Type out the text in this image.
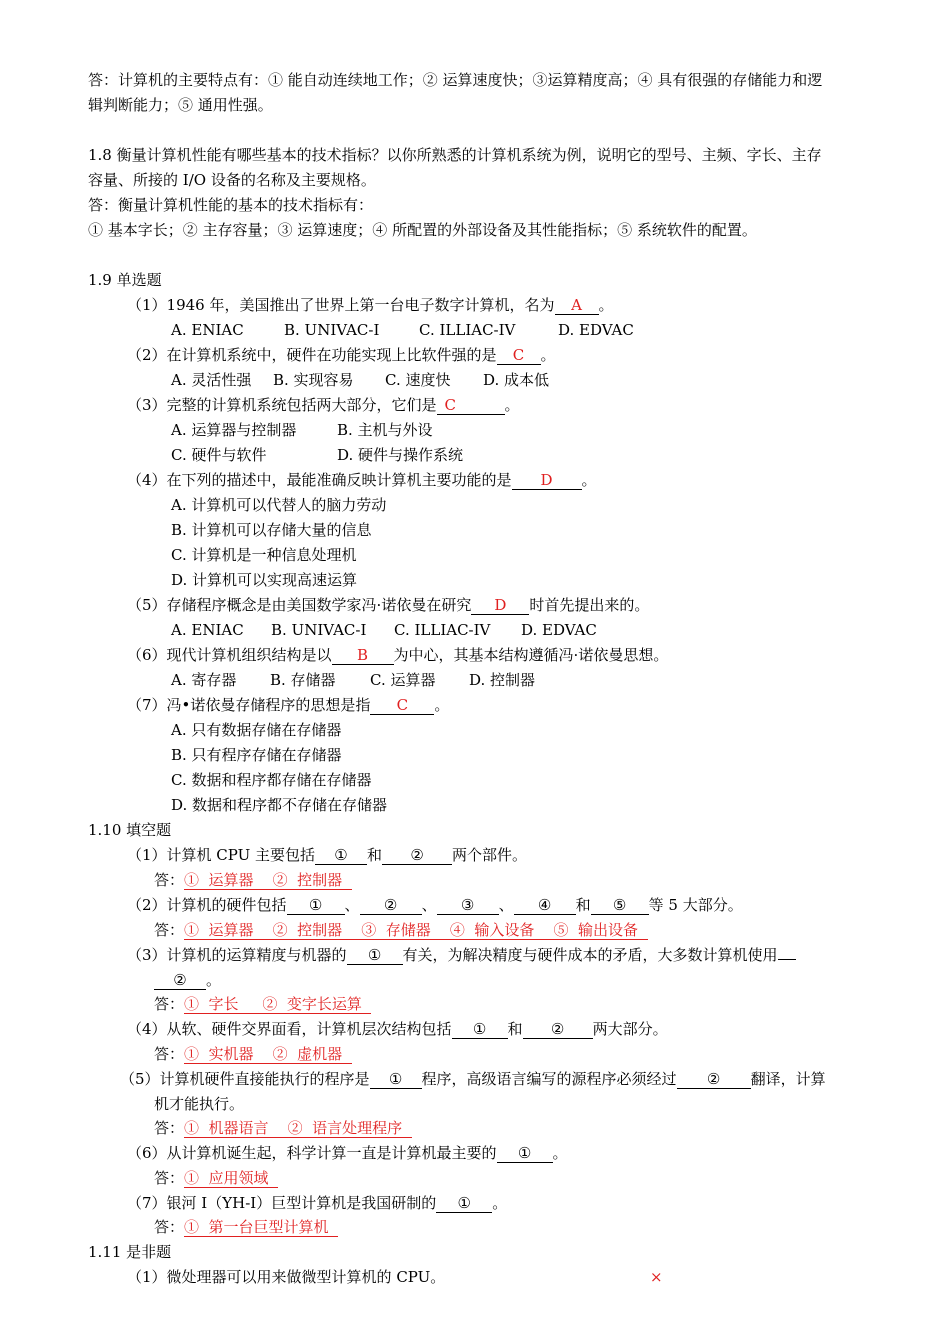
答：计算机的主要特点有：① 能自动连续地工作；② 运算速度快；③运算精度高；④ 具有很强的存储能力和逻
辑判断能力；⑤ 通用性强。
1.8 衡量计算机性能有哪些基本的技术指标？以你所熟悉的计算机系统为例，说明它的型号、主频、字长、主存
容量、所接的 I/O 设备的名称及主要规格。
答：衡量计算机性能的基本的技术指标有：
① 基本字长；② 主存容量；③ 运算速度；④ 所配置的外部设备及其性能指标；⑤ 系统软件的配置。
1.9 单选题
（1）1946 年，美国推出了世界上第一台电子数字计算机，名为 A 。
A. ENIAC	B. UNIVAC-I	C. ILLIAC-IV	D. EDVAC
（2）在计算机系统中，硬件在功能实现上比软件强的是 C 。
A. 灵活性强 B. 实现容易 C. 速度快 D. 成本低
（3）完整的计算机系统包括两大部分，它们是 C	。
A. 运算器与控制器	B. 主机与外设
C. 硬件与软件	D. 硬件与操作系统
（4）在下列的描述中，最能准确反映计算机主要功能的是 D 。
A. 计算机可以代替人的脑力劳动
B. 计算机可以存储大量的信息
C. 计算机是一种信息处理机
D. 计算机可以实现高速运算
（5）存储程序概念是由美国数学家冯·诺依曼在研究 D 时首先提出来的。
A. ENIAC B. UNIVAC-I C. ILLIAC-IV D. EDVAC
（6）现代计算机组织结构是以 B 为中心，其基本结构遵循冯·诺依曼思想。
A. 寄存器 B. 存储器 C. 运算器 D. 控制器
（7）冯•诺依曼存储程序的思想是指 C 。
A. 只有数据存储在存储器
B. 只有程序存储在存储器
C. 数据和程序都存储在存储器
D. 数据和程序都不存储在存储器
1.10 填空题
（1）计算机 CPU 主要包括 ① 和 ② 两个部件。
答：①  运算器    ②  控制器
（2）计算机的硬件包括 ① 、 ② 、 ③ 、 ④ 和 ⑤ 等 5 大部分。
答：①  运算器    ②  控制器    ③  存储器    ④  输入设备    ⑤  输出设备
（3）计算机的运算精度与机器的 ① 有关，为解决精度与硬件成本的矛盾，大多数计算机使用
② 。
答：①  字长     ②  变字长运算
（4）从软、硬件交界面看，计算机层次结构包括 ① 和 ② 两大部分。
答：①  实机器    ②  虚机器
（5）计算机硬件直接能执行的程序是 ① 程序，高级语言编写的源程序必须经过 ② 翻译，计算
机才能执行。
答：①  机器语言    ②  语言处理程序
（6）从计算机诞生起，科学计算一直是计算机最主要的 ① 。
答：①  应用领域
（7）银河 I（YH-I）巨型计算机是我国研制的 ① 。
答：①  第一台巨型计算机
1.11 是非题
（1）微处理器可以用来做微型计算机的 CPU。	×
